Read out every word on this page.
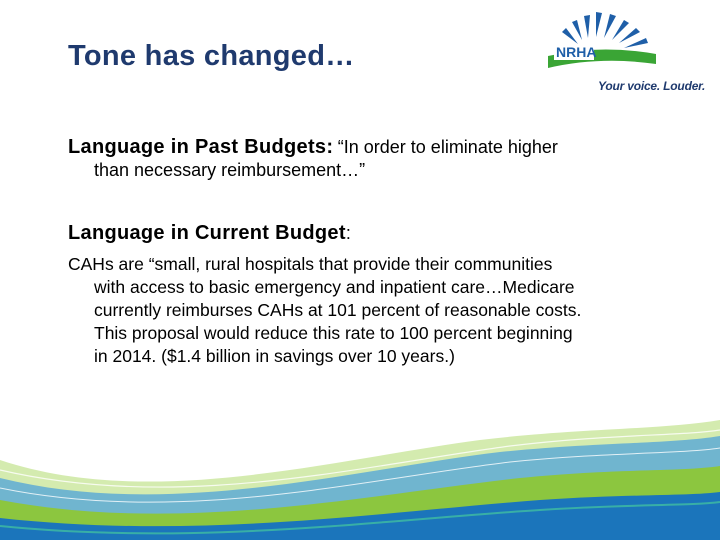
Tone has changed…	NRHA
Your voice. Louder.
Language in Past Budgets: “In order to eliminate higher
than necessary reimbursement…”
Language in Current Budget:
CAHs are “small, rural hospitals that provide their communities
with access to basic emergency and inpatient care…Medicare
currently reimburses CAHs at 101 percent of reasonable costs.
This proposal would reduce this rate to 100 percent beginning
in 2014. ($1.4 billion in savings over 10 years.)
